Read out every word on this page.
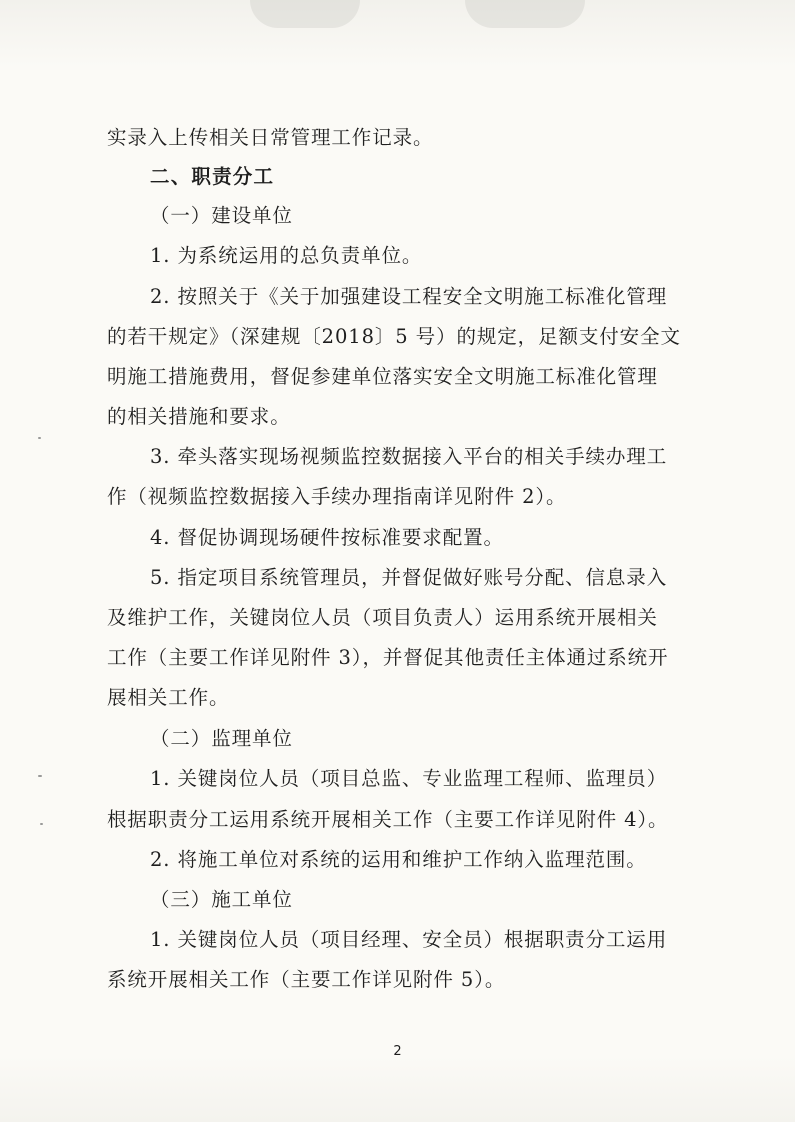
实录入上传相关日常管理工作记录。
二、职责分工
（一）建设单位
1. 为系统运用的总负责单位。
2. 按照关于《关于加强建设工程安全文明施工标准化管理
的若干规定》（深建规〔2018〕5 号）的规定，足额支付安全文
明施工措施费用，督促参建单位落实安全文明施工标准化管理
的相关措施和要求。
3. 牵头落实现场视频监控数据接入平台的相关手续办理工
作（视频监控数据接入手续办理指南详见附件 2）。
4. 督促协调现场硬件按标准要求配置。
5. 指定项目系统管理员，并督促做好账号分配、信息录入
及维护工作，关键岗位人员（项目负责人）运用系统开展相关
工作（主要工作详见附件 3），并督促其他责任主体通过系统开
展相关工作。
（二）监理单位
1. 关键岗位人员（项目总监、专业监理工程师、监理员）
根据职责分工运用系统开展相关工作（主要工作详见附件 4）。
2. 将施工单位对系统的运用和维护工作纳入监理范围。
（三）施工单位
1. 关键岗位人员（项目经理、安全员）根据职责分工运用
系统开展相关工作（主要工作详见附件 5）。
2
